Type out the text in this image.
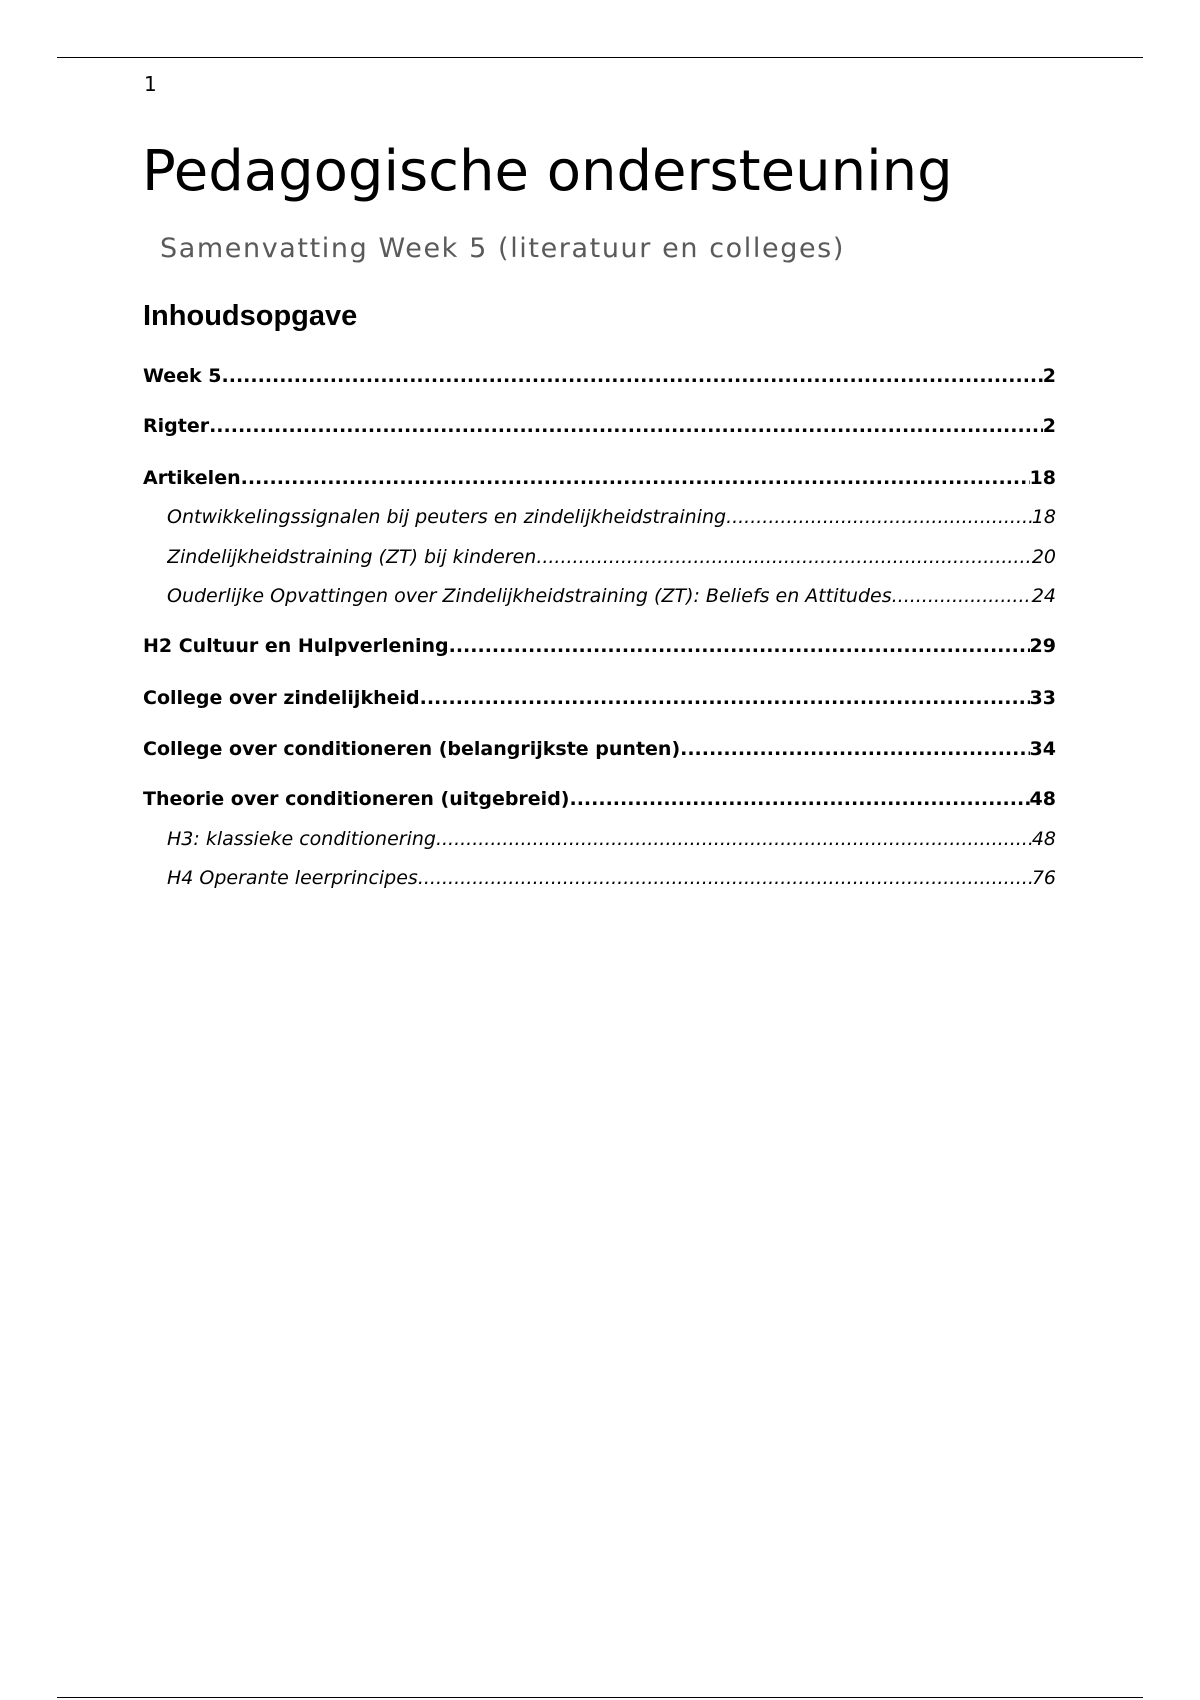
1
Pedagogische ondersteuning
Samenvatting Week 5 (literatuur en colleges)
Inhoudsopgave
Week 5 .....	2
Rigter .....	2
Artikelen .....	18
Ontwikkelingssignalen bij peuters en zindelijkheidstraining .....	18
Zindelijkheidstraining (ZT) bij kinderen .....	20
Ouderlijke Opvattingen over Zindelijkheidstraining (ZT): Beliefs en Attitudes .....	24
H2 Cultuur en Hulpverlening .....	29
College over zindelijkheid .....	33
College over conditioneren (belangrijkste punten) .....	34
Theorie over conditioneren (uitgebreid) .....	48
H3: klassieke conditionering .....	48
H4 Operante leerprincipes .....	76
